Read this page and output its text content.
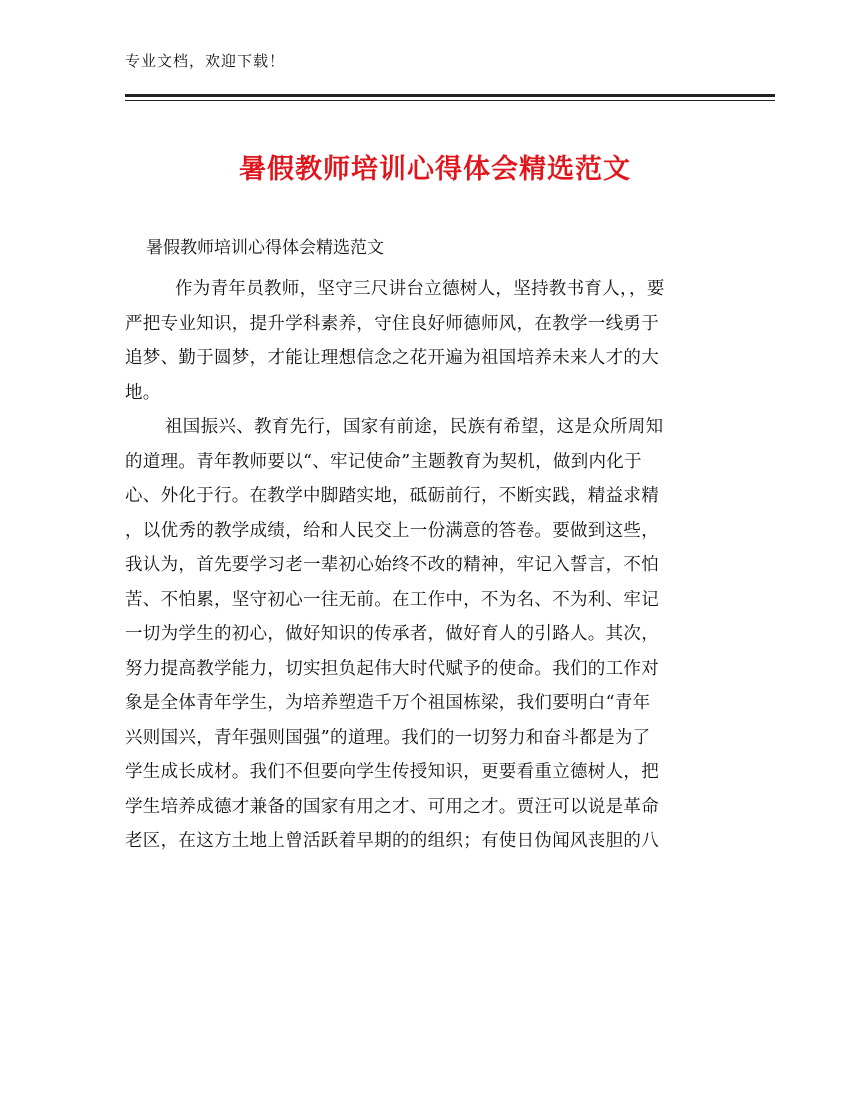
专业文档，欢迎下载！
暑假教师培训心得体会精选范文
暑假教师培训心得体会精选范文
作为青年员教师，坚守三尺讲台立德树人，坚持教书育人，，要
严把专业知识，提升学科素养，守住良好师德师风，在教学一线勇于
追梦、勤于圆梦，才能让理想信念之花开遍为祖国培养未来人才的大
地。
祖国振兴、教育先行，国家有前途，民族有希望，这是众所周知
的道理。青年教师要以“、牢记使命”主题教育为契机，做到内化于
心、外化于行。在教学中脚踏实地，砥砺前行，不断实践，精益求精
，以优秀的教学成绩，给和人民交上一份满意的答卷。要做到这些，
我认为，首先要学习老一辈初心始终不改的精神，牢记入誓言，不怕
苦、不怕累，坚守初心一往无前。在工作中，不为名、不为利、牢记
一切为学生的初心，做好知识的传承者，做好育人的引路人。其次，
努力提高教学能力，切实担负起伟大时代赋予的使命。我们的工作对
象是全体青年学生，为培养塑造千万个祖国栋梁，我们要明白“青年
兴则国兴，青年强则国强”的道理。我们的一切努力和奋斗都是为了
学生成长成材。我们不但要向学生传授知识，更要看重立德树人，把
学生培养成德才兼备的国家有用之才、可用之才。贾汪可以说是革命
老区，在这方土地上曾活跃着早期的的组织；有使日伪闻风丧胆的八
